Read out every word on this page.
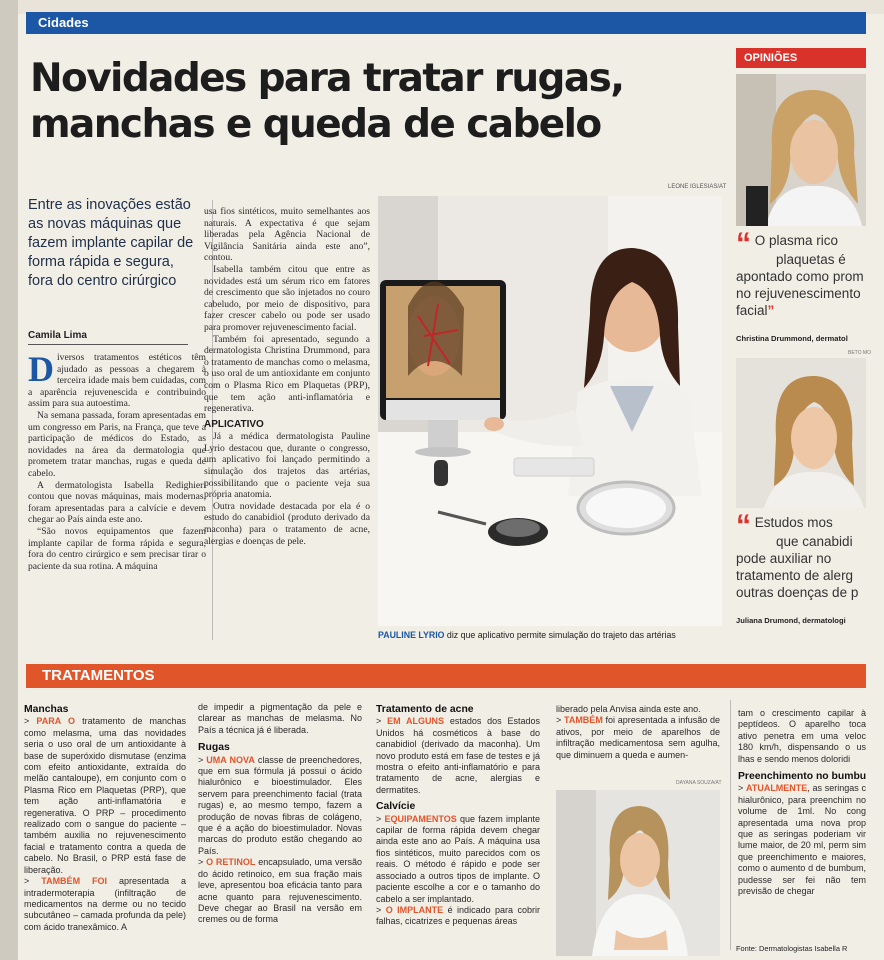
Cidades
Novidades para tratar rugas,
manchas e queda de cabelo
Entre as inovações estão as novas máquinas que fazem implante capilar de forma rápida e segura, fora do centro cirúrgico
Camila Lima

Diversos tratamentos estéticos têm ajudado as pessoas a chegarem à terceira idade mais bem cuidadas, com a aparência rejuvenescida e contribuindo assim para sua autoestima.

Na semana passada, foram apresentadas em um congresso em Paris, na França, que teve a participação de médicos do Estado, as novidades na área da dermatologia que prometem tratar manchas, rugas e queda de cabelo.

A dermatologista Isabella Redighieri contou que novas máquinas, mais modernas, foram apresentadas para a calvície e devem chegar ao País ainda este ano.

“São novos equipamentos que fazem implante capilar de forma rápida e segura, fora do centro cirúrgico e sem precisar tirar o paciente da sua rotina. A máquina

usa fios sintéticos, muito semelhantes aos naturais. A expectativa é que sejam liberadas pela Agência Nacional de Vigilância Sanitária ainda este ano”, contou.

Isabella também citou que entre as novidades está um sérum rico em fatores de crescimento que são injetados no couro cabeludo, por meio de dispositivo, para fazer crescer cabelo ou pode ser usado para promover rejuvenescimento facial.

Também foi apresentado, segundo a dermatologista Christina Drummond, para o tratamento de manchas como o melasma, o uso oral de um antioxidante em conjunto com o Plasma Rico em Plaquetas (PRP), que tem ação anti-inflamatória e regenerativa.

APLICATIVO

Já a médica dermatologista Pauline Lyrio destacou que, durante o congresso, um aplicativo foi lançado permitindo a simulação dos trajetos das artérias, possibilitando que o paciente veja sua própria anatomia.

Outra novidade destacada por ela é o estudo do canabidiol (produto derivado da maconha) para o tratamento de acne, alergias e doenças de pele.

LEONE IGLESIAS/AT
PAULINE LYRIO diz que aplicativo permite simulação do trajeto das artérias
OPINIÕES
“ O plasma rico
plaquetas é
apontado como prom
no rejuvenescimento
facial”
Christina Drummond, dermatol
BETO MO
“ Estudos mos
que canabidi
pode auxiliar no
tratamento de alerg
outras doenças de p
Juliana Drumond, dermatologi
TRATAMENTOS
Manchas
> PARA O tratamento de manchas como melasma, uma das novidades seria o uso oral de um antioxidante à base de superóxido dismutase (enzima com efeito antioxidante, extraída do melão cantaloupe), em conjunto com o Plasma Rico em Plaquetas (PRP), que tem ação anti-inflamatória e regenerativa. O PRP – procedimento realizado com o sangue do paciente – também auxilia no rejuvenescimento facial e tratamento contra a queda de cabelo. No Brasil, o PRP está fase de liberação.
> TAMBÉM FOI apresentada a intradermoterapia (infiltração de medicamentos na derme ou no tecido subcutâneo – camada profunda da pele) com ácido tranexâmico. A
de impedir a pigmentação da pele e clarear as manchas de melasma. No País a técnica já é liberada.
Rugas
> UMA NOVA classe de preenchedores, que em sua fórmula já possui o ácido hialurônico e bioestimulador. Eles servem para preenchimento facial (trata rugas) e, ao mesmo tempo, fazem a produção de novas fibras de colágeno, que é a ação do bioestimulador. Novas marcas do produto estão chegando ao País.
> O RETINOL encapsulado, uma versão do ácido retinoico, em sua fração mais leve, apresentou boa eficácia tanto para acne quanto para rejuvenescimento. Deve chegar ao Brasil na versão em cremes ou de forma
Tratamento de acne
> EM ALGUNS estados dos Estados Unidos há cosméticos à base do canabidiol (derivado da maconha). Um novo produto está em fase de testes e já mostra o efeito anti-inflamatório e para tratamento de acne, alergias e dermatites.
Calvície
> EQUIPAMENTOS que fazem implante capilar de forma rápida devem chegar ainda este ano ao País. A máquina usa fios sintéticos, muito parecidos com os reais. O método é rápido e pode ser associado a outros tipos de implante. O paciente escolhe a cor e o tamanho do cabelo a ser implantado.
> O IMPLANTE é indicado para cobrir falhas, cicatrizes e pequenas áreas
liberado pela Anvisa ainda este ano.
> TAMBÉM foi apresentada a infusão de ativos, por meio de aparelhos de infiltração medicamentosa sem agulha, que diminuem a queda e aumen-
DAYANA SOUZA/AT
tam o crescimento capilar à peptídeos. O aparelho toca ativo penetra em uma veloc 180 km/h, dispensando o us lhas e sendo menos doloridi
Preenchimento no bumbu
> ATUALMENTE, as seringas c hialurônico, para preenchim no volume de 1ml. No cong apresentada uma nova prop que as seringas poderiam vir lume maior, de 20 ml, perm sim que preenchimento e maiores, como o aumento d de bumbum, pudesse ser fei não tem previsão de chegar
Fonte: Dermatologistas Isabella R
